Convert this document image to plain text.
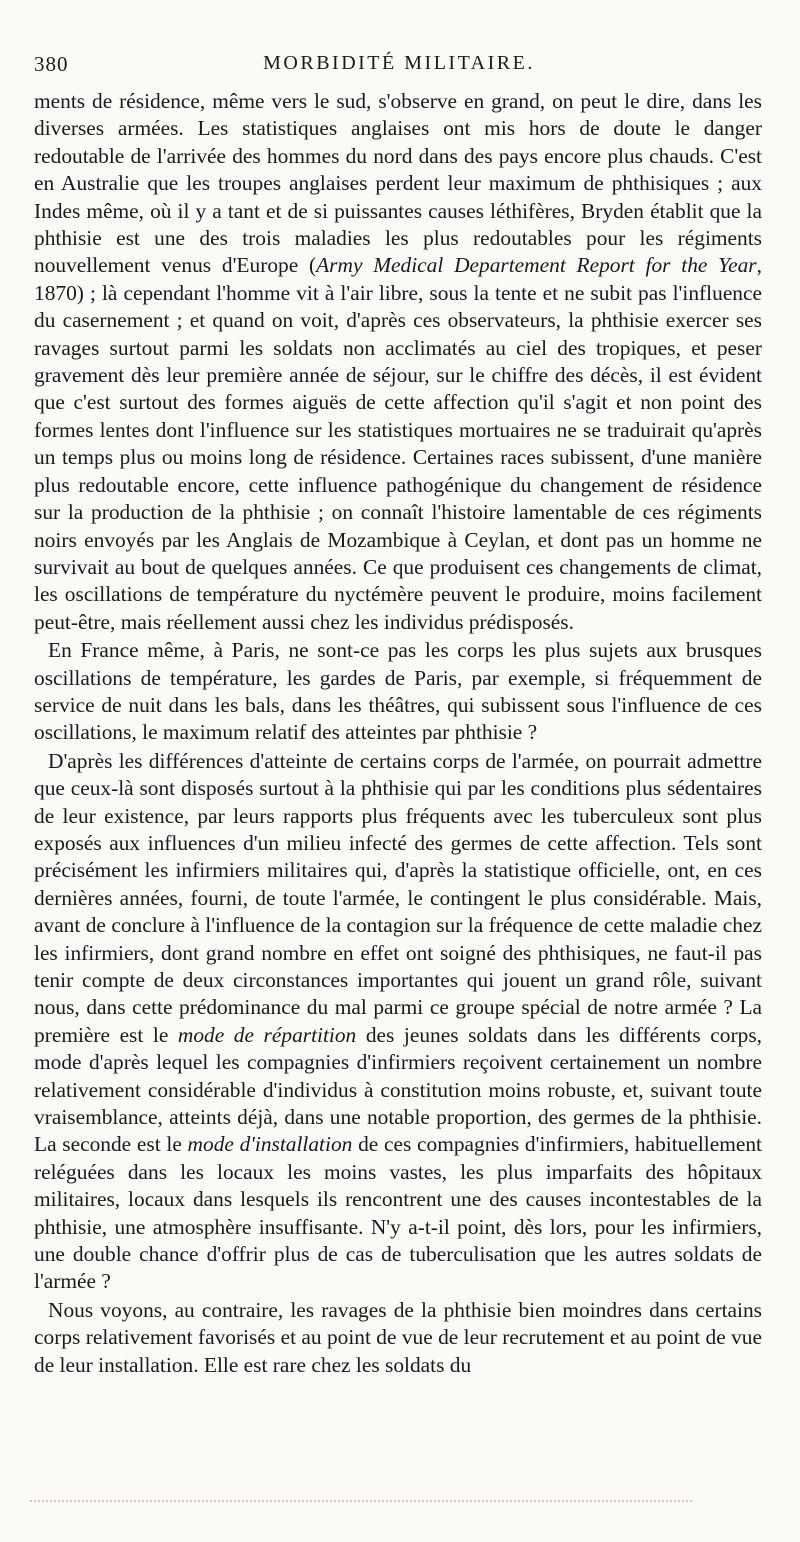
380	MORBIDITÉ MILITAIRE.

ments de résidence, même vers le sud, s'observe en grand, on peut le dire, dans les diverses armées. Les statistiques anglaises ont mis hors de doute le danger redoutable de l'arrivée des hommes du nord dans des pays encore plus chauds. C'est en Australie que les troupes anglaises perdent leur maximum de phthisiques ; aux Indes même, où il y a tant et de si puissantes causes léthifères, Bryden établit que la phthisie est une des trois maladies les plus redoutables pour les régiments nouvellement venus d'Europe (Army Medical Departement Report for the Year, 1870) ; là cependant l'homme vit à l'air libre, sous la tente et ne subit pas l'influence du casernement ; et quand on voit, d'après ces observateurs, la phthisie exercer ses ravages surtout parmi les soldats non acclimatés au ciel des tropiques, et peser gravement dès leur première année de séjour, sur le chiffre des décès, il est évident que c'est surtout des formes aiguës de cette affection qu'il s'agit et non point des formes lentes dont l'influence sur les statistiques mortuaires ne se traduirait qu'après un temps plus ou moins long de résidence. Certaines races subissent, d'une manière plus redoutable encore, cette influence pathogénique du changement de résidence sur la production de la phthisie ; on connaît l'histoire lamentable de ces régiments noirs envoyés par les Anglais de Mozambique à Ceylan, et dont pas un homme ne survivait au bout de quelques années. Ce que produisent ces changements de climat, les oscillations de température du nyctémère peuvent le produire, moins facilement peut-être, mais réellement aussi chez les individus prédisposés.

En France même, à Paris, ne sont-ce pas les corps les plus sujets aux brusques oscillations de température, les gardes de Paris, par exemple, si fréquemment de service de nuit dans les bals, dans les théâtres, qui subissent sous l'influence de ces oscillations, le maximum relatif des atteintes par phthisie ?

D'après les différences d'atteinte de certains corps de l'armée, on pourrait admettre que ceux-là sont disposés surtout à la phthisie qui par les conditions plus sédentaires de leur existence, par leurs rapports plus fréquents avec les tuberculeux sont plus exposés aux influences d'un milieu infecté des germes de cette affection. Tels sont précisément les infirmiers militaires qui, d'après la statistique officielle, ont, en ces dernières années, fourni, de toute l'armée, le contingent le plus considérable. Mais, avant de conclure à l'influence de la contagion sur la fréquence de cette maladie chez les infirmiers, dont grand nombre en effet ont soigné des phthisiques, ne faut-il pas tenir compte de deux circonstances importantes qui jouent un grand rôle, suivant nous, dans cette prédominance du mal parmi ce groupe spécial de notre armée ? La première est le mode de répartition des jeunes soldats dans les différents corps, mode d'après lequel les compagnies d'infirmiers reçoivent certainement un nombre relativement considérable d'individus à constitution moins robuste, et, suivant toute vraisemblance, atteints déjà, dans une notable proportion, des germes de la phthisie. La seconde est le mode d'installation de ces compagnies d'infirmiers, habituellement reléguées dans les locaux les moins vastes, les plus imparfaits des hôpitaux militaires, locaux dans lesquels ils rencontrent une des causes incontestables de la phthisie, une atmosphère insuffisante. N'y a-t-il point, dès lors, pour les infirmiers, une double chance d'offrir plus de cas de tuberculisation que les autres soldats de l'armée ?

Nous voyons, au contraire, les ravages de la phthisie bien moindres dans certains corps relativement favorisés et au point de vue de leur recrutement et au point de vue de leur installation. Elle est rare chez les soldats du
